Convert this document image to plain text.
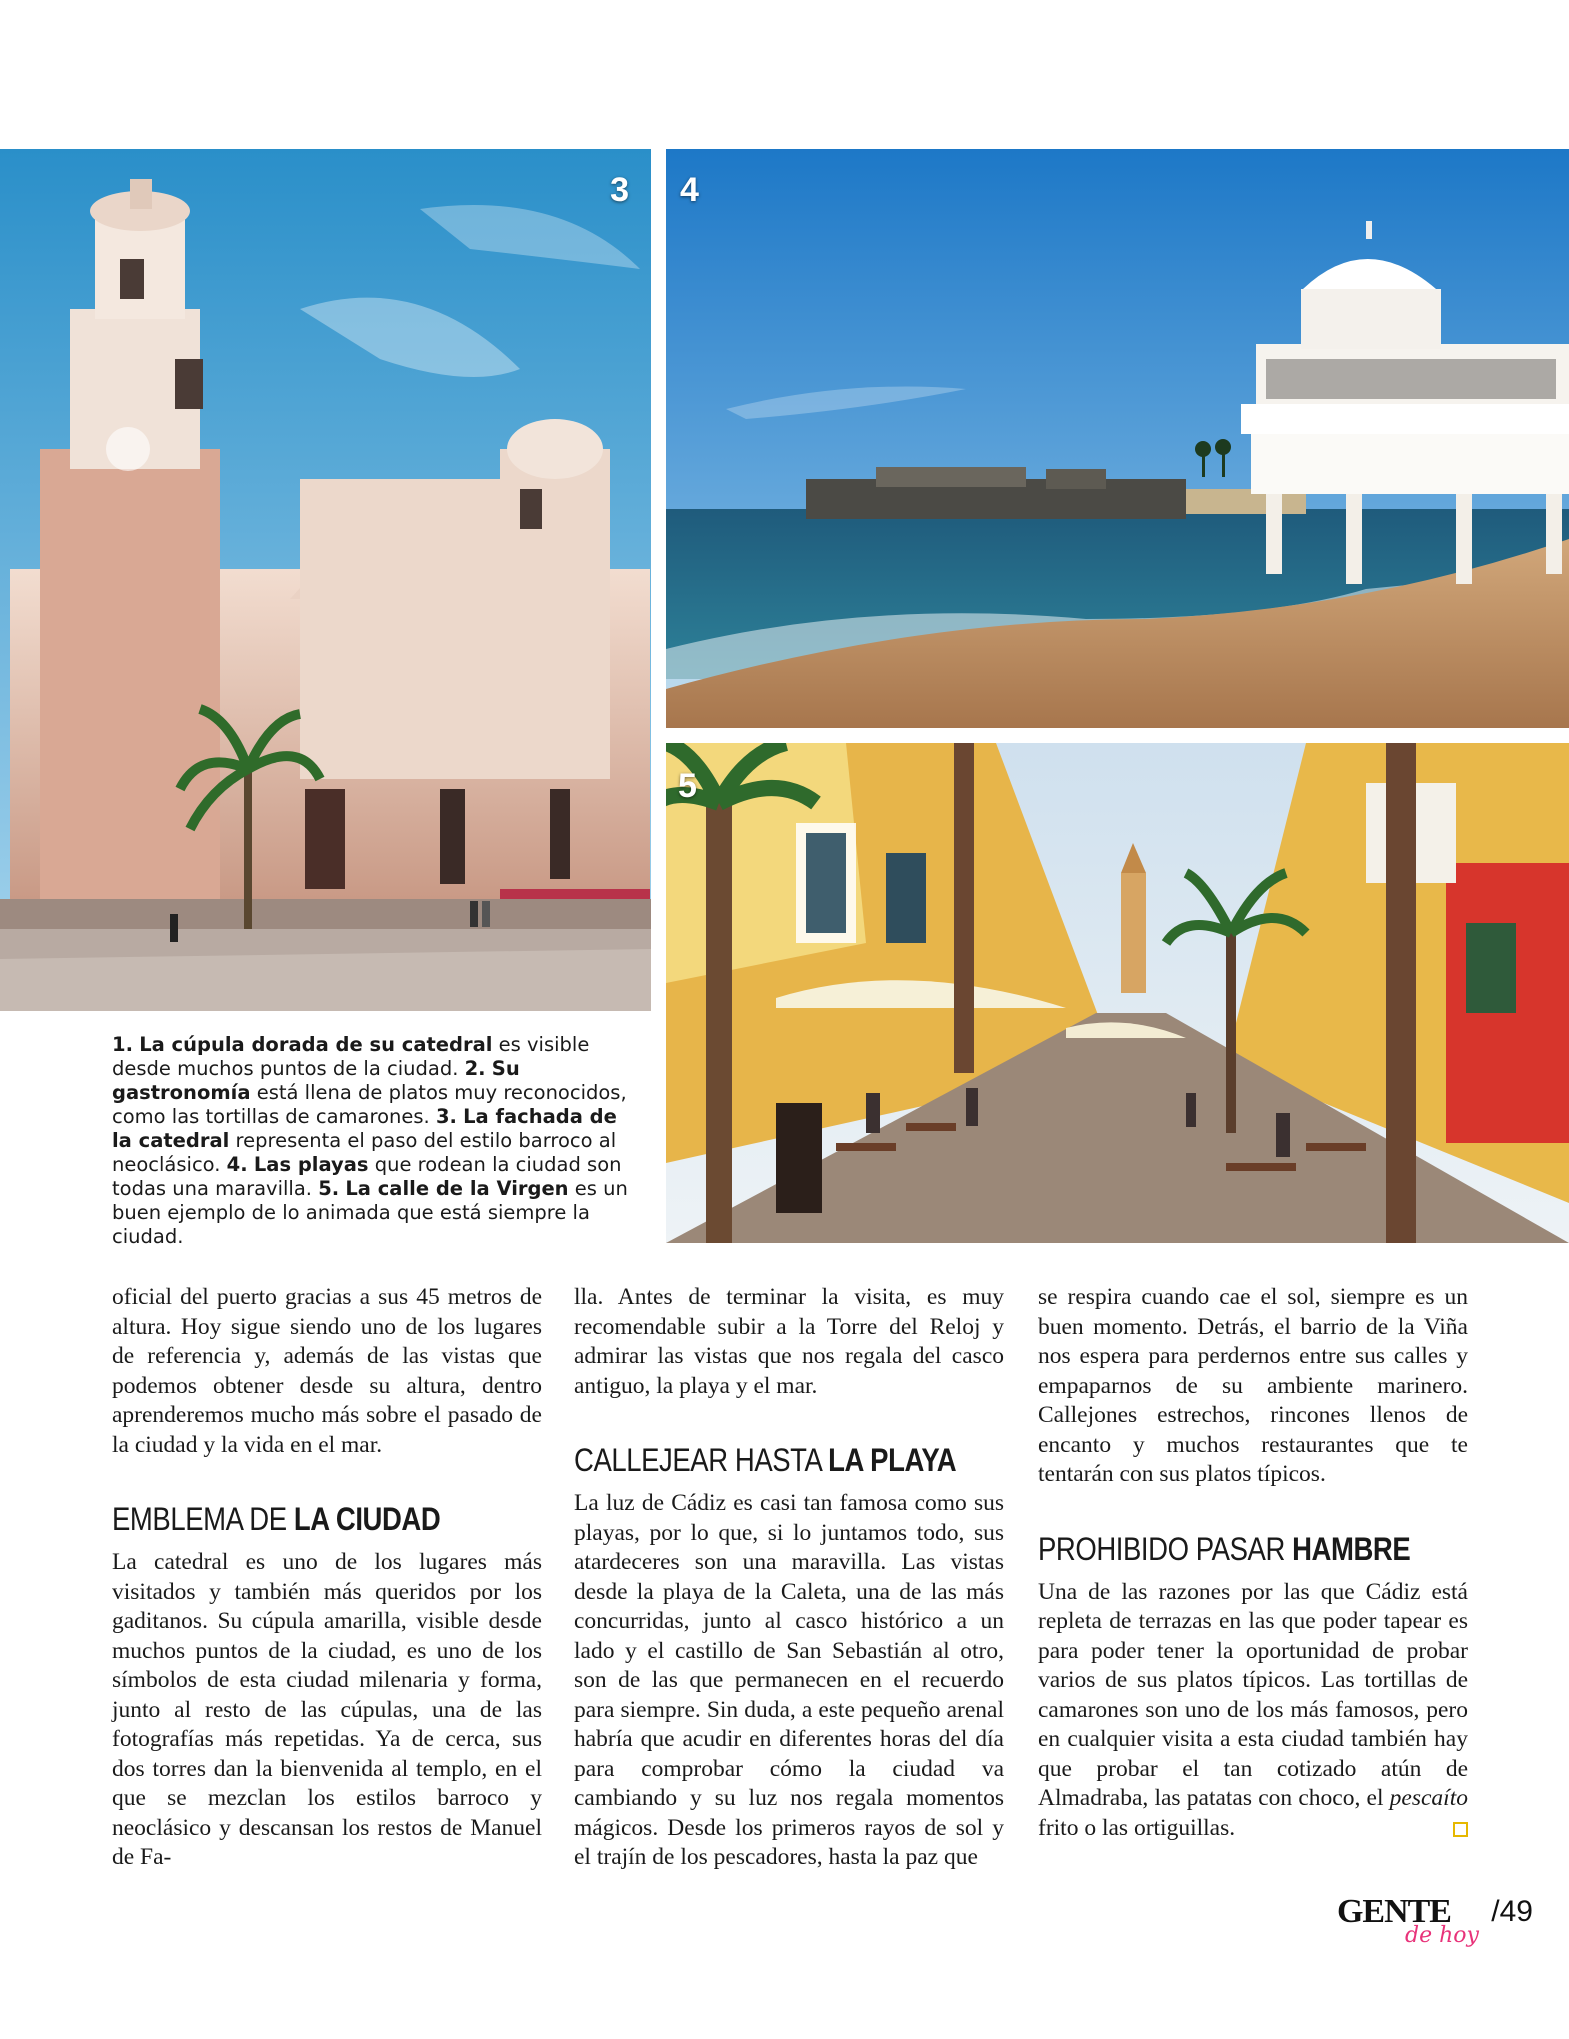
3 4
5
1. La cúpula dorada de su catedral es visible desde muchos puntos de la ciudad. 2. Su gastronomía está llena de platos muy reconocidos, como las tortillas de camarones. 3. La fachada de la catedral representa el paso del estilo barroco al neoclásico. 4. Las playas que rodean la ciudad son todas una maravilla. 5. La calle de la Virgen es un buen ejemplo de lo animada que está siempre la ciudad.

oficial del puerto gracias a sus 45 metros de altura. Hoy sigue siendo uno de los lugares de referencia y, además de las vistas que podemos obtener desde su altura, dentro aprenderemos mucho más sobre el pasado de la ciudad y la vida en el mar.

EMBLEMA DE LA CIUDAD

La catedral es uno de los lugares más visitados y también más queridos por los gaditanos. Su cúpula amarilla, visible desde muchos puntos de la ciudad, es uno de los símbolos de esta ciudad milenaria y forma, junto al resto de las cúpulas, una de las fotografías más repetidas. Ya de cerca, sus dos torres dan la bienvenida al templo, en el que se mezclan los estilos barroco y neoclásico y descansan los restos de Manuel de Fa-

lla. Antes de terminar la visita, es muy recomendable subir a la Torre del Reloj y admirar las vistas que nos regala del casco antiguo, la playa y el mar.

CALLEJEAR HASTA LA PLAYA

La luz de Cádiz es casi tan famosa como sus playas, por lo que, si lo juntamos todo, sus atardeceres son una maravilla. Las vistas desde la playa de la Caleta, una de las más concurridas, junto al casco histórico a un lado y el castillo de San Sebastián al otro, son de las que permanecen en el recuerdo para siempre. Sin duda, a este pequeño arenal habría que acudir en diferentes horas del día para comprobar cómo la ciudad va cambiando y su luz nos regala momentos mágicos. Desde los primeros rayos de sol y el trajín de los pescadores, hasta la paz que

se respira cuando cae el sol, siempre es un buen momento. Detrás, el barrio de la Viña nos espera para perdernos entre sus calles y empaparnos de su ambiente marinero. Callejones estrechos, rincones llenos de encanto y muchos restaurantes que te tentarán con sus platos típicos.

PROHIBIDO PASAR HAMBRE

Una de las razones por las que Cádiz está repleta de terrazas en las que poder tapear es para poder tener la oportunidad de probar varios de sus platos típicos. Las tortillas de camarones son uno de los más famosos, pero en cualquier visita a esta ciudad también hay que probar el tan cotizado atún de Almadraba, las patatas con choco, el pescaíto frito o las ortiguillas.

GENTE
de hoy
/49
